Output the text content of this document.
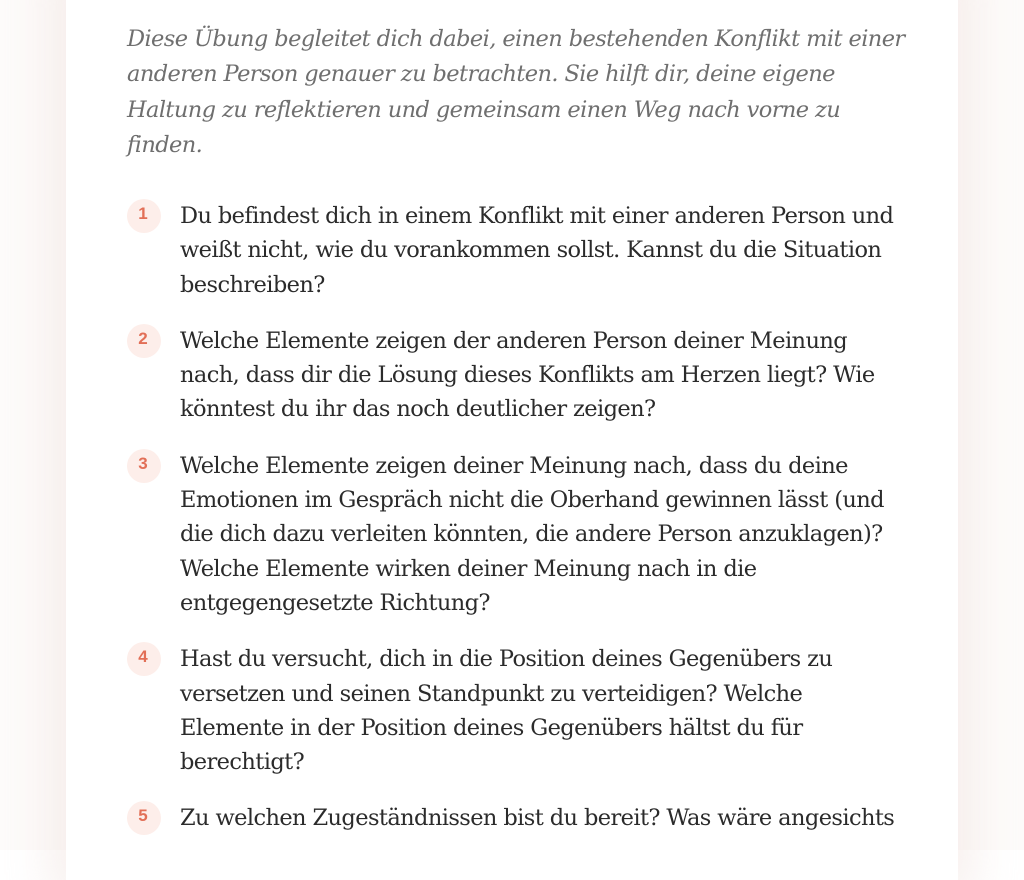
Diese Übung begleitet dich dabei, einen bestehenden Konflikt mit einer anderen Person genauer zu betrachten. Sie hilft dir, deine eigene Haltung zu reflektieren und gemeinsam einen Weg nach vorne zu finden.

1	Du befindest dich in einem Konflikt mit einer anderen Person und weißt nicht, wie du vorankommen sollst. Kannst du die Situation beschreiben?

2	Welche Elemente zeigen der anderen Person deiner Meinung nach, dass dir die Lösung dieses Konflikts am Herzen liegt? Wie könntest du ihr das noch deutlicher zeigen?

3	Welche Elemente zeigen deiner Meinung nach, dass du deine Emotionen im Gespräch nicht die Oberhand gewinnen lässt (und die dich dazu verleiten könnten, die andere Person anzuklagen)? Welche Elemente wirken deiner Meinung nach in die entgegengesetzte Richtung?

4	Hast du versucht, dich in die Position deines Gegenübers zu versetzen und seinen Standpunkt zu verteidigen? Welche Elemente in der Position deines Gegenübers hältst du für berechtigt?

5	Zu welchen Zugeständnissen bist du bereit? Was wäre angesichts
